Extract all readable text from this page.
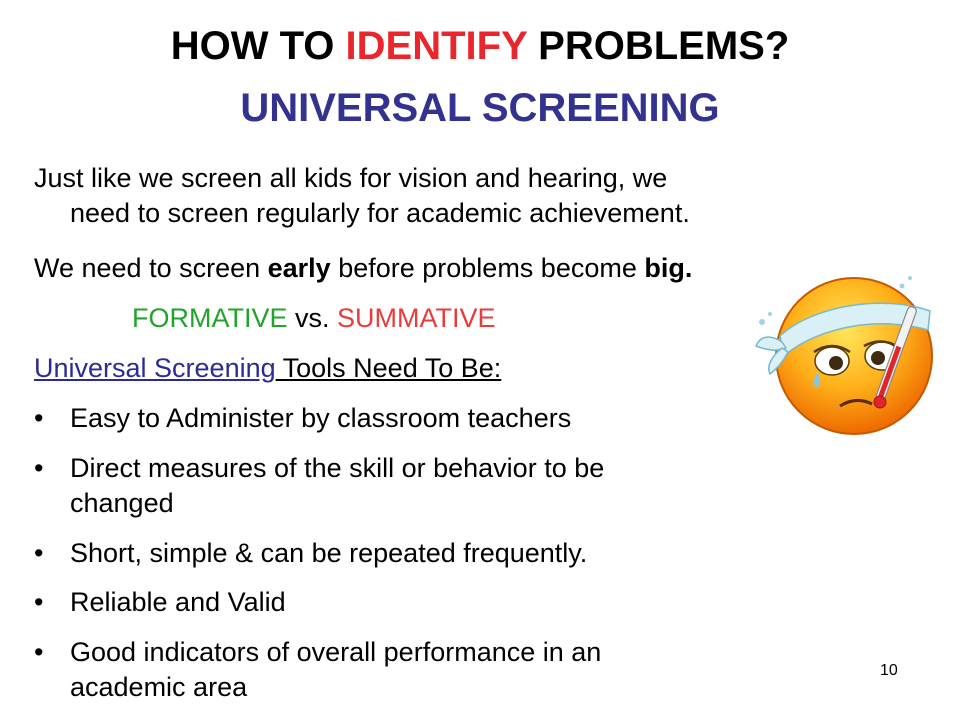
HOW TO IDENTIFY PROBLEMS?
UNIVERSAL SCREENING
Just like we screen all kids for vision and hearing, we
need to screen regularly for academic achievement.
We need to screen early before problems become big.
FORMATIVE vs. SUMMATIVE
Universal Screening Tools Need To Be:
• Easy to Administer by classroom teachers
• Direct measures of the skill or behavior to be
changed
• Short, simple & can be repeated frequently.
• Reliable and Valid
• Good indicators of overall performance in an
academic area
10
